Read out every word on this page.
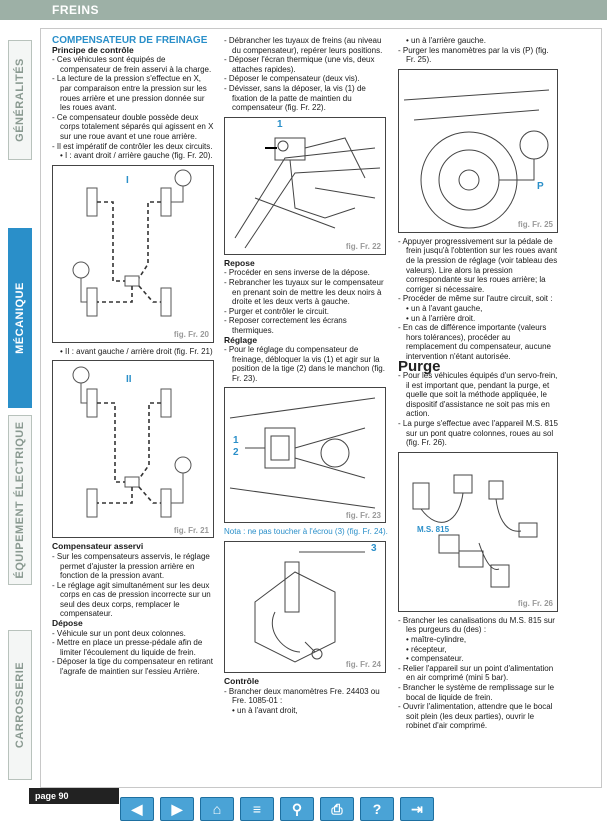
FREINS
GÉNÉRALITÉS
MÉCANIQUE
ÉQUIPEMENT ÉLECTRIQUE
CARROSSERIE

COMPENSATEUR DE FREINAGE

Principe de contrôle

- Ces véhicules sont équipés de compensateur de frein asservi à la charge.

- La lecture de la pression s'effectue en X, par comparaison entre la pression sur les roues arrière et une pression donnée sur les roues avant.

- Ce compensateur double possède deux corps totalement séparés qui agissent en X sur une roue avant et une roue arrière.

- Il est impératif de contrôler les deux circuits.

• I : avant droit / arrière gauche (fig. Fr. 20).

I
fig. Fr. 20

• II : avant gauche / arrière droit (fig. Fr. 21)

II
fig. Fr. 21

Compensateur asservi

- Sur les compensateurs asservis, le réglage permet d'ajuster la pression arrière en fonction de la pression avant.

- Le réglage agit simultanément sur les deux corps en cas de pression incorrecte sur un seul des deux corps, remplacer le compensateur.

Dépose

- Véhicule sur un pont deux colonnes.

- Mettre en place un presse-pédale afin de limiter l'écoulement du liquide de frein.

- Déposer la tige du compensateur en retirant l'agrafe de maintien sur l'essieu Arrière.

- Débrancher les tuyaux de freins (au niveau du compensateur), repérer leurs positions.

- Déposer l'écran thermique (une vis, deux attaches rapides).

- Déposer le compensateur (deux vis).

- Dévisser, sans la déposer, la vis (1) de fixation de la patte de maintien du compensateur (fig. Fr. 22).

1
fig. Fr. 22

Repose

- Procéder en sens inverse de la dépose.

- Rebrancher les tuyaux sur le compensateur en prenant soin de mettre les deux noirs à droite et les deux verts à gauche.

- Purger et contrôler le circuit.

- Reposer correctement les écrans thermiques.

Réglage

- Pour le réglage du compensateur de freinage, débloquer la vis (1) et agir sur la position de la tige (2) dans le manchon (fig. Fr. 23).

1
2
fig. Fr. 23

Nota : ne pas toucher à l'écrou (3) (fig. Fr. 24).

3
fig. Fr. 24

Contrôle

- Brancher deux manomètres Fre. 24403 ou Fre. 1085-01 :

• un à l'avant droit,

• un à l'arrière gauche.

- Purger les manomètres par la vis (P) (fig. Fr. 25).

P
fig. Fr. 25

- Appuyer progressivement sur la pédale de frein jusqu'à l'obtention sur les roues avant de la pression de réglage (voir tableau des valeurs). Lire alors la pression correspondante sur les roues arrière; la corriger si nécessaire.

- Procéder de même sur l'autre circuit, soit :

• un à l'avant gauche,

• un à l'arrière droit.

- En cas de différence importante (valeurs hors tolérances), procéder au remplacement du compensateur, aucune intervention n'étant autorisée.

Purge

- Pour les véhicules équipés d'un servo-frein, il est important que, pendant la purge, et quelle que soit la méthode appliquée, le dispositif d'assistance ne soit pas mis en action.

- La purge s'effectue avec l'appareil M.S. 815 sur un pont quatre colonnes, roues au sol (fig. Fr. 26).

M.S. 815
fig. Fr. 26

- Brancher les canalisations du M.S. 815 sur les purgeurs du (des) :

• maître-cylindre,

• récepteur,

• compensateur.

- Relier l'appareil sur un point d'alimentation en air comprimé (mini 5 bar).

- Brancher le système de remplissage sur le bocal de liquide de frein.

- Ouvrir l'alimentation, attendre que le bocal soit plein (les deux parties), ouvrir le robinet d'air comprimé.

page 90
◀	▶	⌂	≡	⚲	⎙	?	⇥
